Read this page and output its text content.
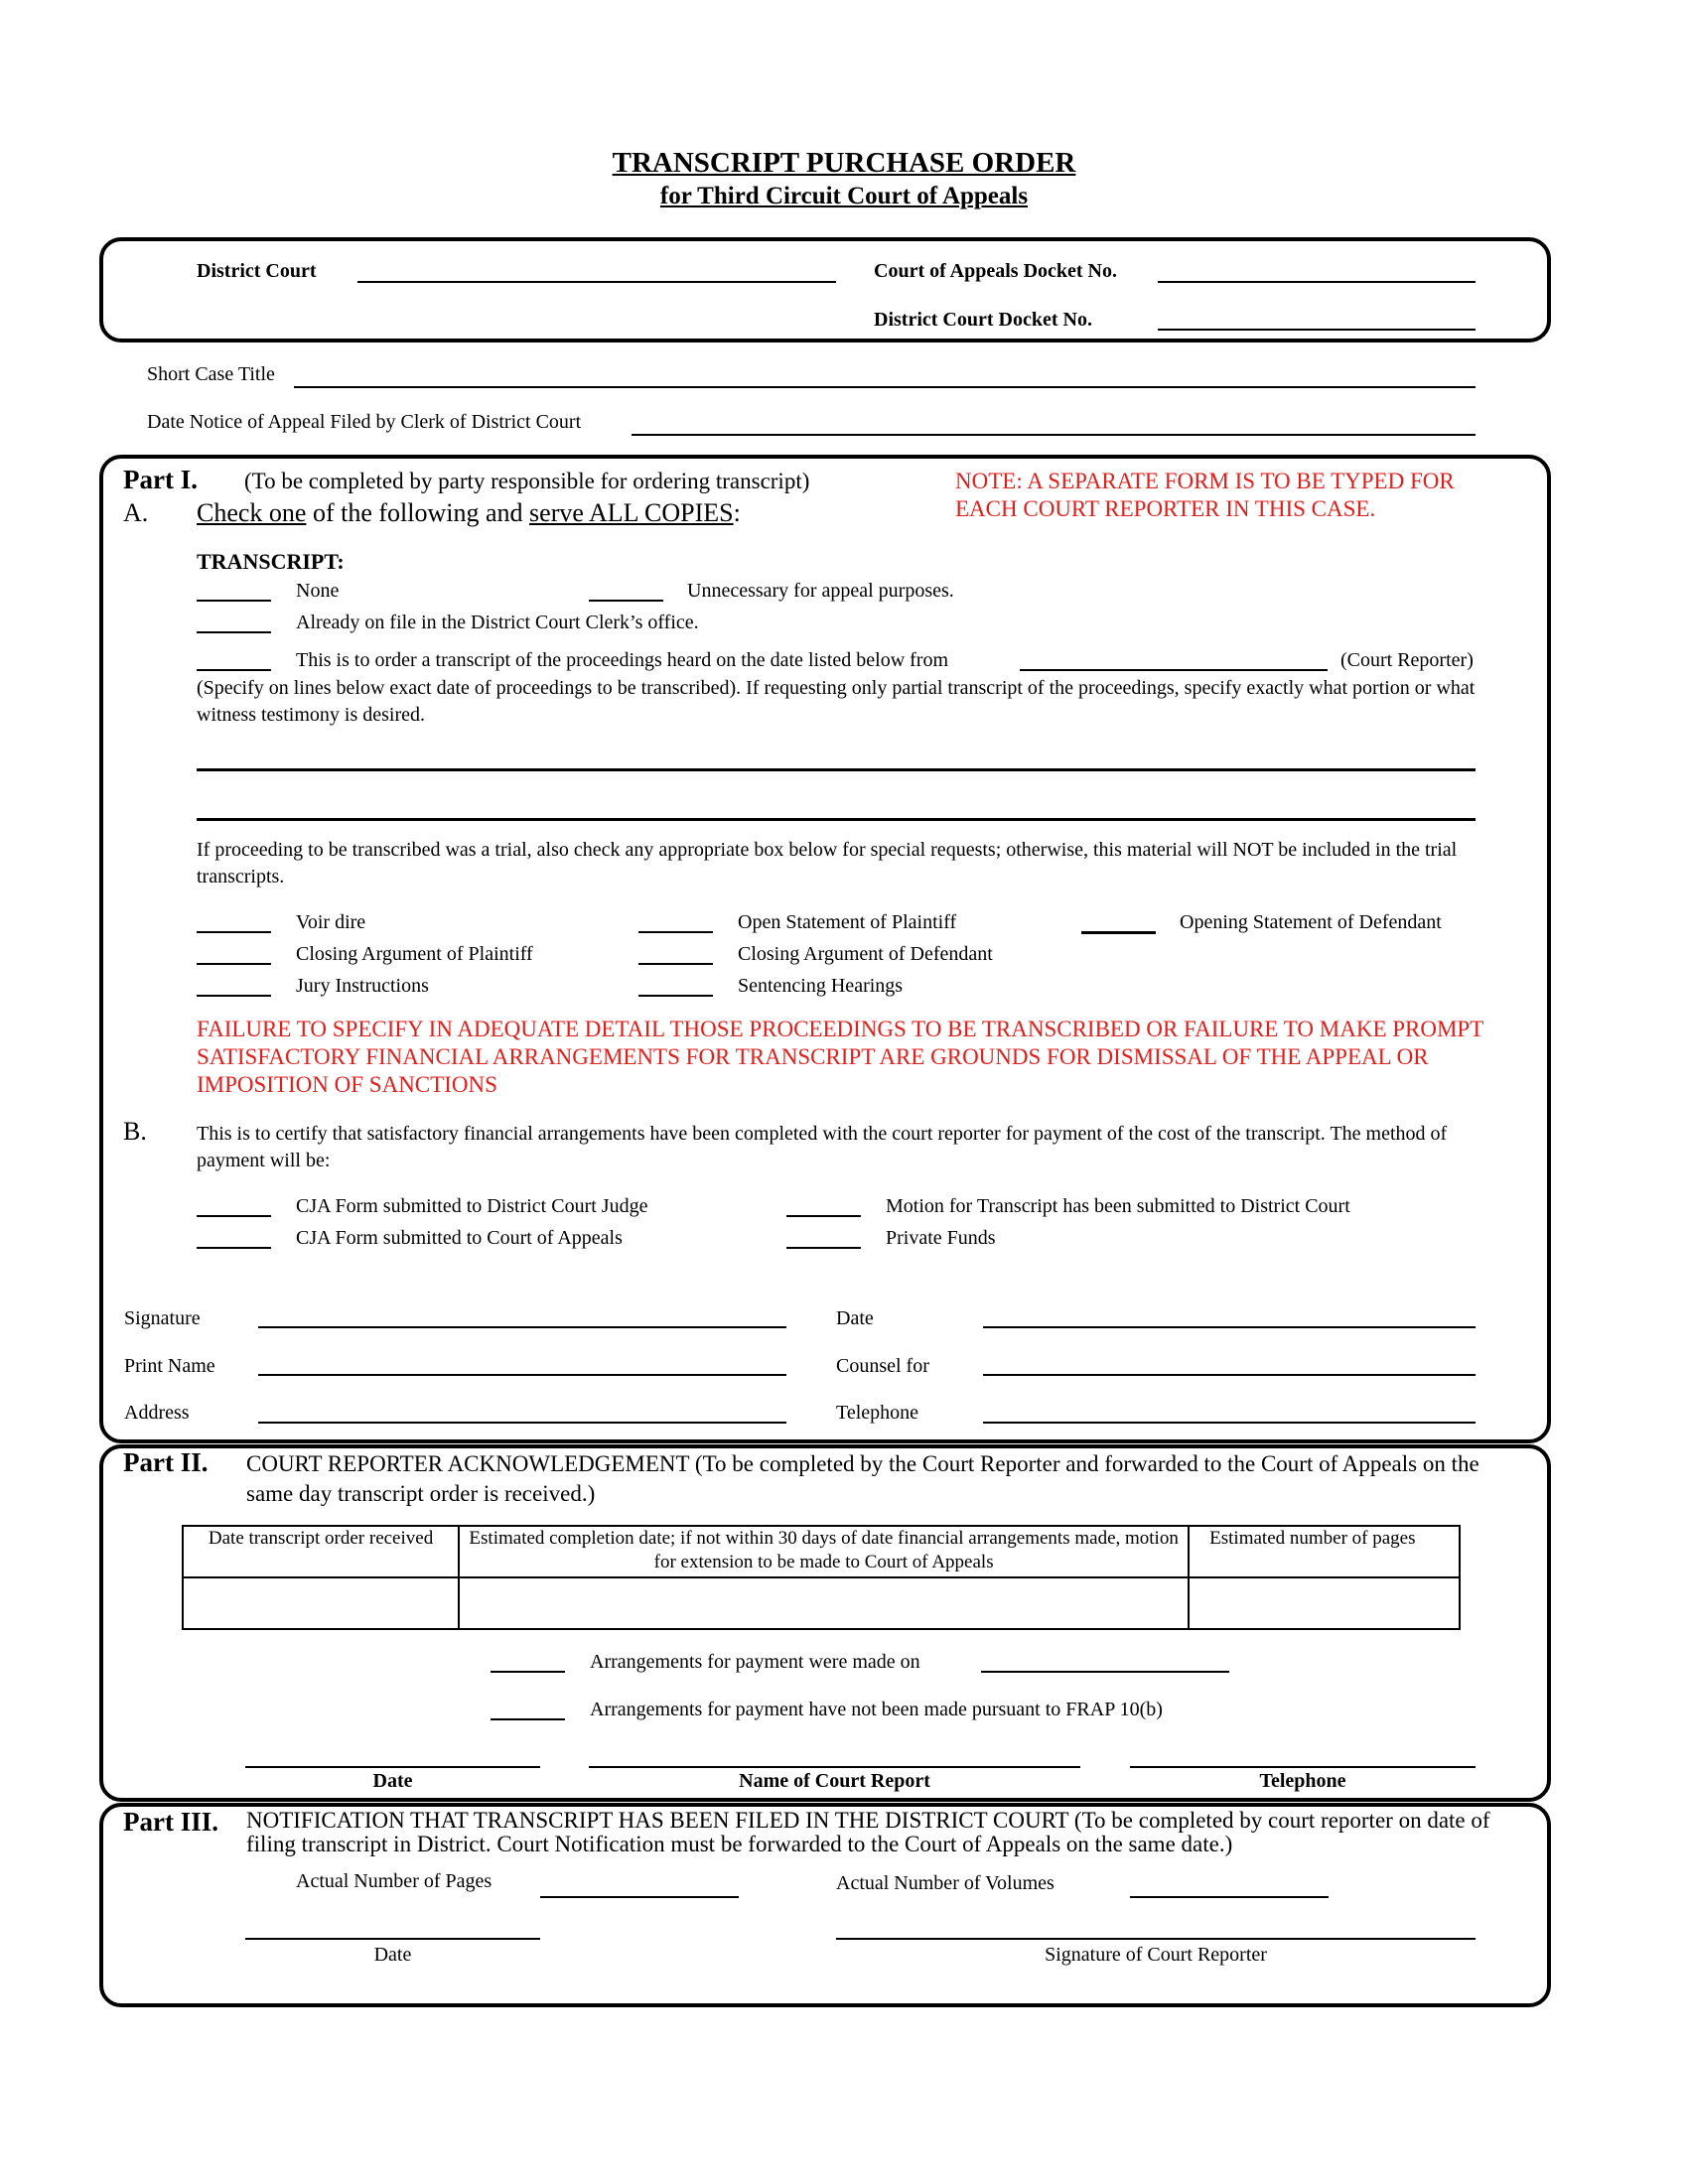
TRANSCRIPT PURCHASE ORDER
for Third Circuit Court of Appeals
District Court	Court of Appeals Docket No.
District Court Docket No.
Short Case Title
Date Notice of Appeal Filed by Clerk of District Court
Part I. (To be completed by party responsible for ordering transcript)	NOTE: A SEPARATE FORM IS TO BE TYPED FOR
EACH COURT REPORTER IN THIS CASE.
A. Check one of the following and serve ALL COPIES:
TRANSCRIPT:
None	Unnecessary for appeal purposes.
Already on file in the District Court Clerk’s office.
This is to order a transcript of the proceedings heard on the date listed below from	(Court Reporter)
(Specify on lines below exact date of proceedings to be transcribed). If requesting only partial transcript of the proceedings, specify exactly what portion or what witness testimony is desired.
If proceeding to be transcribed was a trial, also check any appropriate box below for special requests; otherwise, this material will NOT be included in the trial transcripts.
Voir dire	Open Statement of Plaintiff	Opening Statement of Defendant
Closing Argument of Plaintiff	Closing Argument of Defendant
Jury Instructions	Sentencing Hearings
FAILURE TO SPECIFY IN ADEQUATE DETAIL THOSE PROCEEDINGS TO BE TRANSCRIBED OR FAILURE TO MAKE PROMPT SATISFACTORY FINANCIAL ARRANGEMENTS FOR TRANSCRIPT ARE GROUNDS FOR DISMISSAL OF THE APPEAL OR IMPOSITION OF SANCTIONS
B.	This is to certify that satisfactory financial arrangements have been completed with the court reporter for payment of the cost of the transcript. The method of payment will be:
CJA Form submitted to District Court Judge	Motion for Transcript has been submitted to District Court
CJA Form submitted to Court of Appeals	Private Funds
Signature	Date
Print Name	Counsel for
Address	Telephone
Part II. COURT REPORTER ACKNOWLEDGEMENT (To be completed by the Court Reporter and forwarded to the Court of Appeals on the same day transcript order is received.)
Date transcript order received	Estimated completion date; if not within 30 days of date financial arrangements made, motion for extension to be made to Court of Appeals	Estimated number of pages

Arrangements for payment were made on
Arrangements for payment have not been made pursuant to FRAP 10(b)
Date	Name of Court Report	Telephone
Part III. NOTIFICATION THAT TRANSCRIPT HAS BEEN FILED IN THE DISTRICT COURT (To be completed by court reporter on date of filing transcript in District. Court Notification must be forwarded to the Court of Appeals on the same date.)
Actual Number of Pages	Actual Number of Volumes
Date	Signature of Court Reporter
